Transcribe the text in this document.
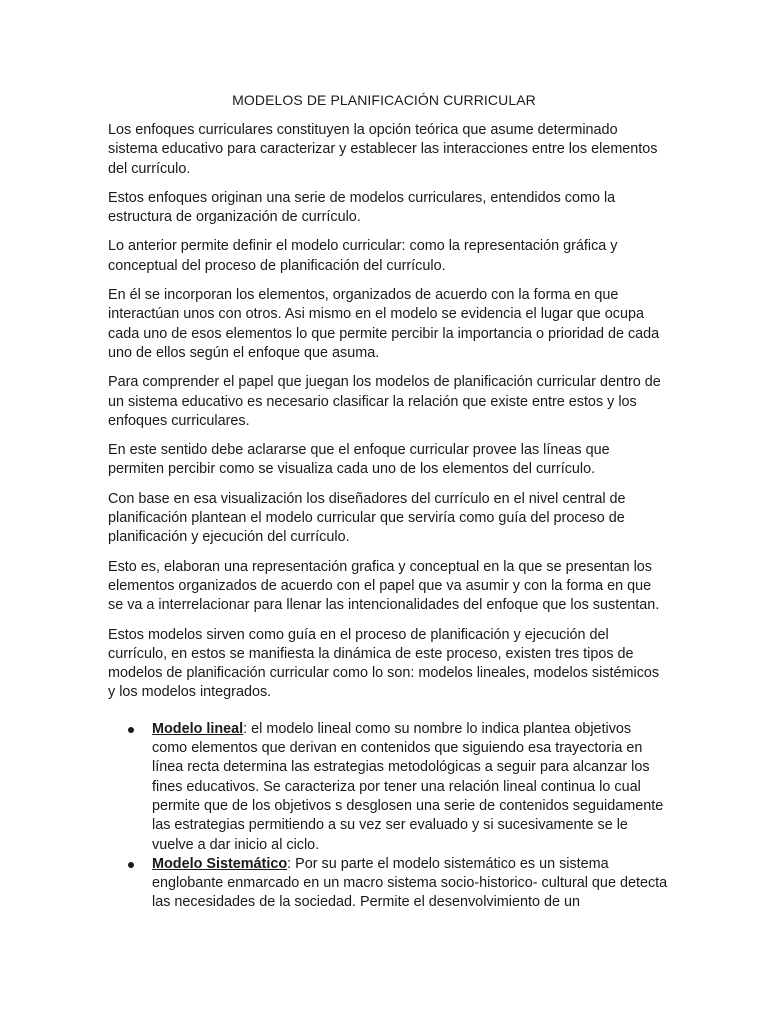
MODELOS DE PLANIFICACIÓN CURRICULAR

Los enfoques curriculares constituyen la opción teórica que asume determinado sistema educativo para caracterizar y establecer las interacciones entre los elementos del currículo.

Estos enfoques originan una serie de modelos curriculares, entendidos como la estructura de organización de currículo.

Lo anterior permite definir el modelo curricular: como la representación gráfica y conceptual del proceso de planificación del currículo.

En él se incorporan los elementos, organizados de acuerdo con la forma en que interactúan unos con otros. Asi mismo en el modelo se evidencia el lugar que ocupa cada uno de esos elementos lo que permite percibir la importancia o prioridad de cada uno de ellos según el enfoque que asuma.

Para comprender el papel que juegan los modelos de planificación curricular dentro de un sistema educativo es necesario clasificar la relación que existe entre estos y los enfoques curriculares.

En este sentido debe aclararse que el enfoque curricular provee las líneas que permiten percibir como se visualiza cada uno de los elementos del currículo.

Con base en esa visualización los diseñadores del currículo en el nivel central de planificación plantean el modelo curricular que serviría como guía del proceso de planificación y ejecución del currículo.

Esto es, elaboran una representación grafica y conceptual en la que se presentan los elementos organizados de acuerdo con el papel que va asumir y con la forma en que se va a interrelacionar para llenar las intencionalidades del enfoque que los sustentan.

Estos modelos sirven como guía en el proceso de planificación y ejecución del currículo, en estos se manifiesta la dinámica de este proceso, existen tres tipos de modelos de planificación curricular como lo son: modelos lineales, modelos sistémicos y los modelos integrados.

Modelo lineal: el modelo lineal como su nombre lo indica plantea objetivos como elementos que derivan en contenidos que siguiendo esa trayectoria en línea recta determina las estrategias metodológicas a seguir para alcanzar los fines educativos. Se caracteriza por tener una relación lineal continua lo cual permite que de los objetivos s desglosen una serie de contenidos seguidamente las estrategias permitiendo a su vez ser evaluado y si sucesivamente se le vuelve a dar inicio al ciclo.
Modelo Sistemático: Por su parte el modelo sistemático es un sistema englobante enmarcado en un macro sistema socio-historico- cultural que detecta las necesidades de la sociedad. Permite el desenvolvimiento de un
